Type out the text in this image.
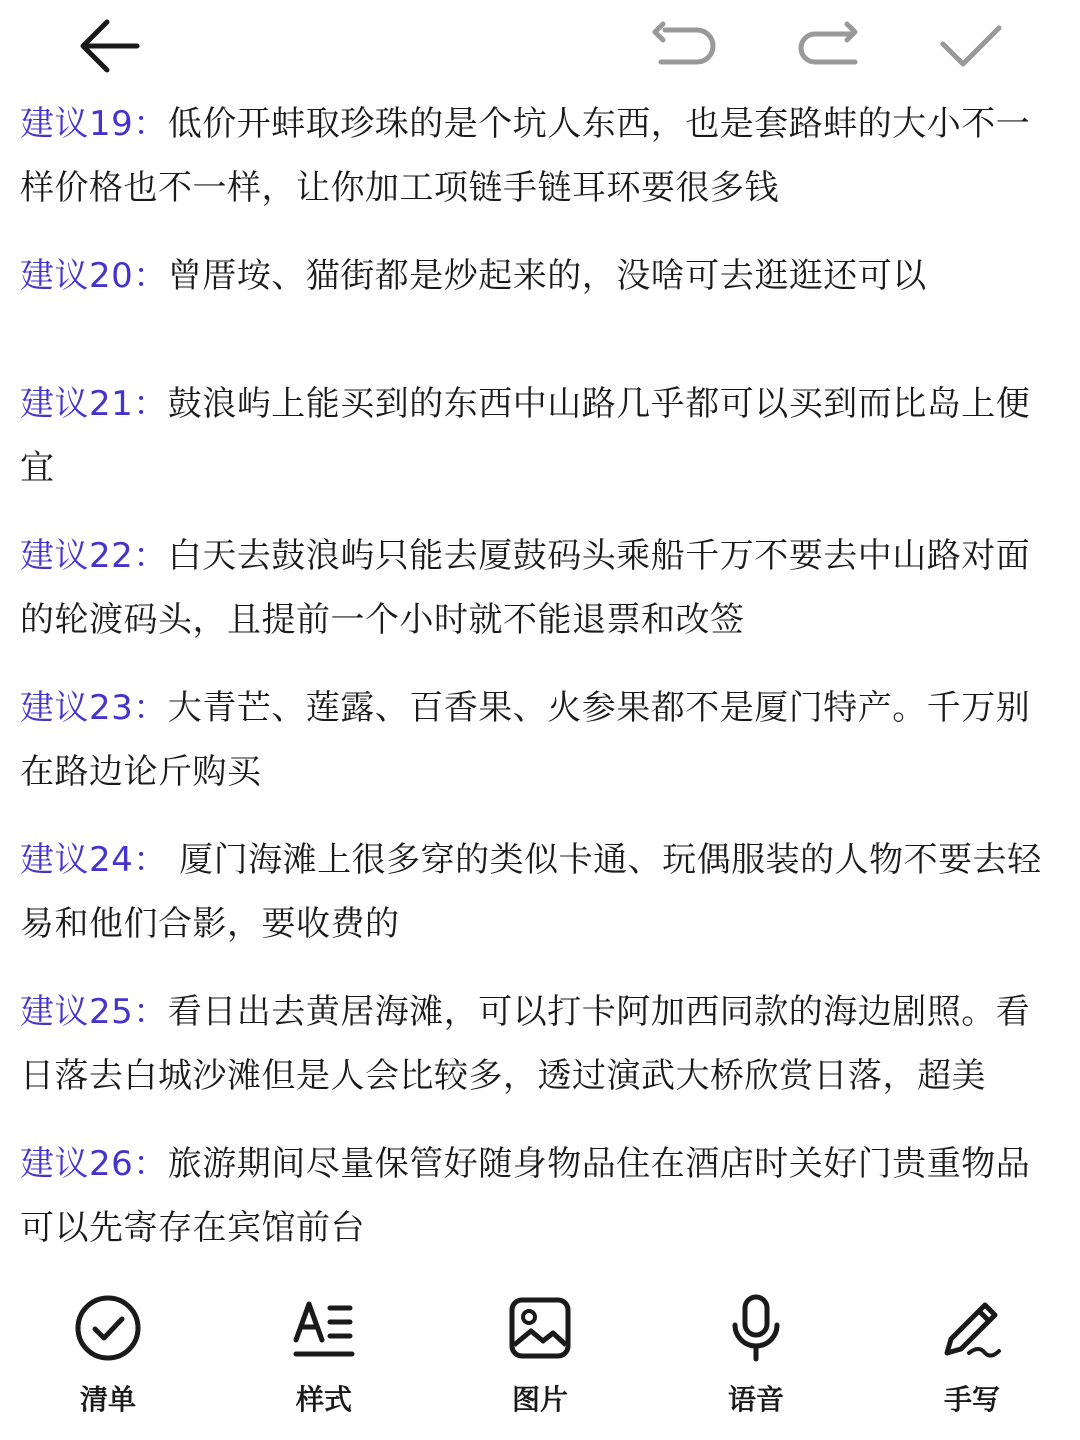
建议19：低价开蚌取珍珠的是个坑人东西，也是套路蚌的大小不一样价格也不一样，让你加工项链手链耳环要很多钱

建议20：曾厝垵、猫街都是炒起来的，没啥可去逛逛还可以

建议21：鼓浪屿上能买到的东西中山路几乎都可以买到而比岛上便宜

建议22：白天去鼓浪屿只能去厦鼓码头乘船千万不要去中山路对面的轮渡码头，且提前一个小时就不能退票和改签

建议23：大青芒、莲露、百香果、火参果都不是厦门特产。千万别在路边论斤购买

建议24： 厦门海滩上很多穿的类似卡通、玩偶服装的人物不要去轻易和他们合影，要收费的

建议25：看日出去黄居海滩，可以打卡阿加西同款的海边剧照。看日落去白城沙滩但是人会比较多，透过演武大桥欣赏日落，超美

建议26：旅游期间尽量保管好随身物品住在酒店时关好门贵重物品可以先寄存在宾馆前台

清单	样式	图片	语音	手写
